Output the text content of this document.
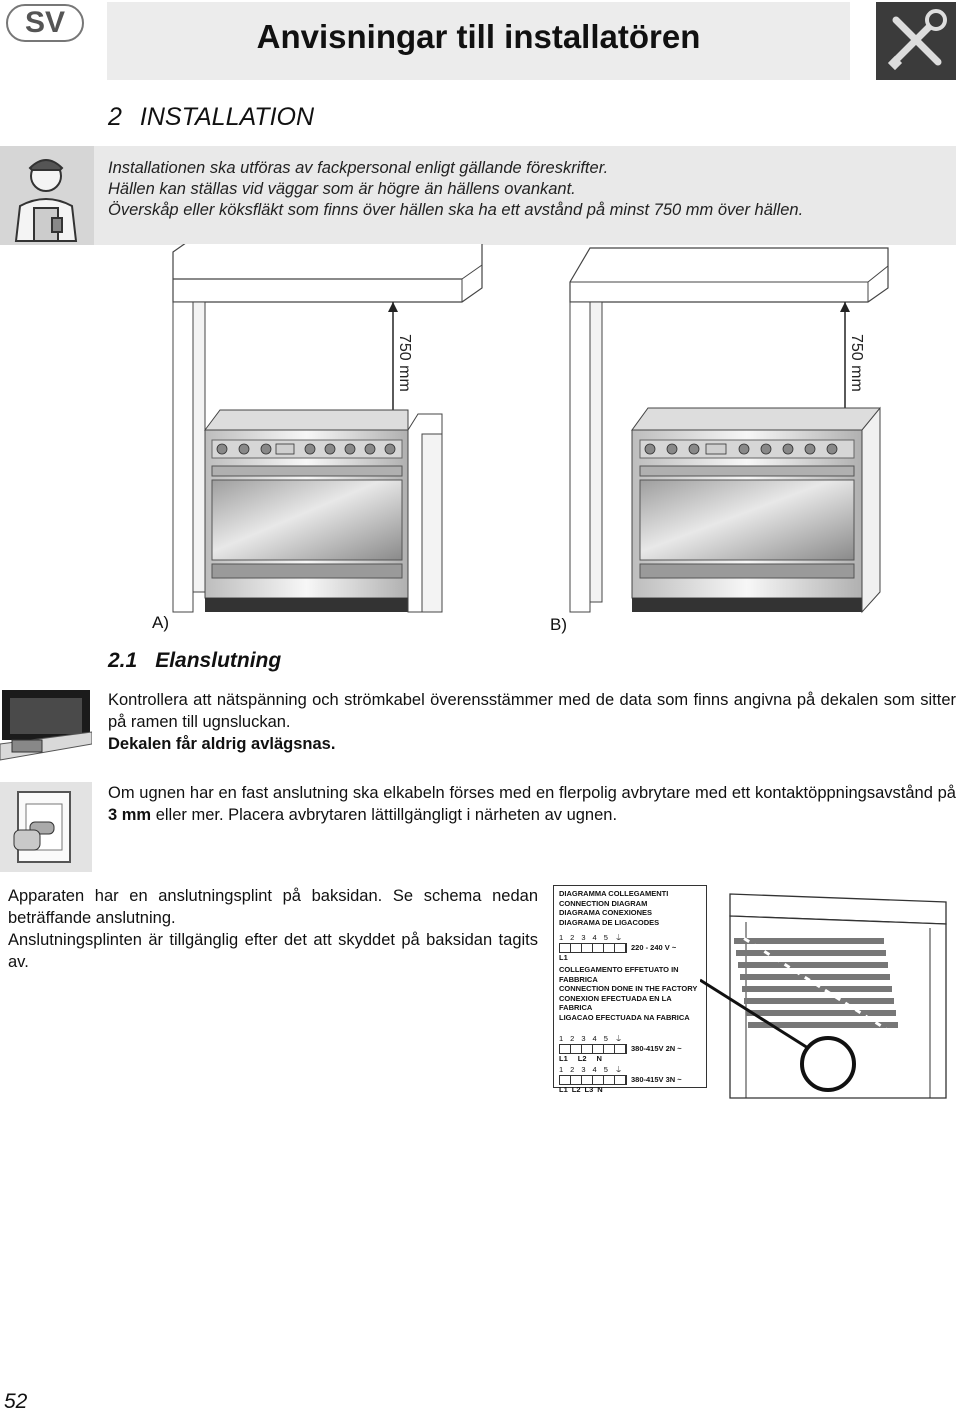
SV	Anvisningar till installatören
2 INSTALLATION
Installationen ska utföras av fackpersonal enligt gällande föreskrifter.
Hällen kan ställas vid väggar som är högre än hällens ovankant.
Överskåp eller köksfläkt som finns över hällen ska ha ett avstånd på minst 750 mm över hällen.
750 mm	750 mm
A)	B)
2.1 Elanslutning
Kontrollera att nätspänning och strömkabel överensstämmer med de data som finns angivna på dekalen som sitter på ramen till ugnsluckan.
Dekalen får aldrig avlägsnas.
Om ugnen har en fast anslutning ska elkabeln förses med en flerpolig avbrytare med ett kontaktöppningsavstånd på 3 mm eller mer. Placera avbrytaren lättillgängligt i närheten av ugnen.
Apparaten har en anslutningsplint på baksidan. Se schema nedan beträffande anslutning.
Anslutningsplinten är tillgänglig efter det att skyddet på baksidan tagits av.
DIAGRAMMA COLLEGAMENTI
CONNECTION DIAGRAM
DIAGRAMA CONEXIONES
DIAGRAMA DE LIGACODES
1 2 3 4 5 ⏚
220 - 240 V ~
L1
COLLEGAMENTO EFFETUATO IN FABBRICA
CONNECTION DONE IN THE FACTORY
CONEXION EFECTUADA EN LA FABRICA
LIGACAO EFECTUADA NA FABRICA
1 2 3 4 5 ⏚
380-415V 2N ~
L1 L2 N
1 2 3 4 5 ⏚
380-415V 3N ~
L1 L2 L3 N
52
